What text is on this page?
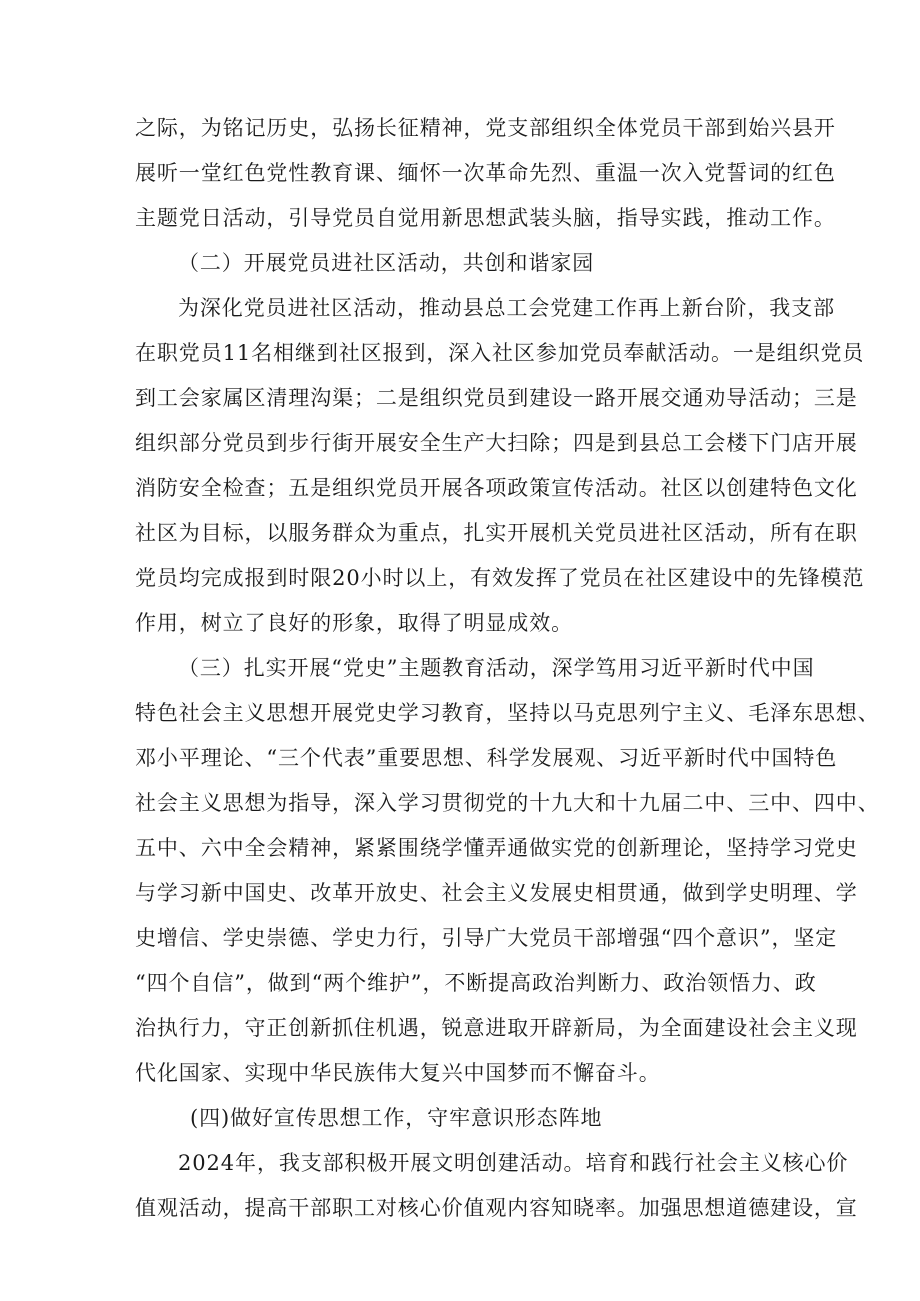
之际，为铭记历史，弘扬长征精神，党支部组织全体党员干部到始兴县开
展听一堂红色党性教育课、缅怀一次革命先烈、重温一次入党誓词的红色
主题党日活动，引导党员自觉用新思想武装头脑，指导实践，推动工作。
（二）开展党员进社区活动，共创和谐家园
为深化党员进社区活动，推动县总工会党建工作再上新台阶，我支部
在职党员11名相继到社区报到，深入社区参加党员奉献活动。一是组织党员
到工会家属区清理沟渠；二是组织党员到建设一路开展交通劝导活动；三是
组织部分党员到步行街开展安全生产大扫除；四是到县总工会楼下门店开展
消防安全检查；五是组织党员开展各项政策宣传活动。社区以创建特色文化
社区为目标，以服务群众为重点，扎实开展机关党员进社区活动，所有在职
党员均完成报到时限20小时以上，有效发挥了党员在社区建设中的先锋模范
作用，树立了良好的形象，取得了明显成效。
（三）扎实开展“党史”主题教育活动，深学笃用习近平新时代中国
特色社会主义思想开展党史学习教育，坚持以马克思列宁主义、毛泽东思想、
邓小平理论、“三个代表”重要思想、科学发展观、习近平新时代中国特色
社会主义思想为指导，深入学习贯彻党的十九大和十九届二中、三中、四中、
五中、六中全会精神，紧紧围绕学懂弄通做实党的创新理论，坚持学习党史
与学习新中国史、改革开放史、社会主义发展史相贯通，做到学史明理、学
史增信、学史崇德、学史力行，引导广大党员干部增强“四个意识”，坚定
“四个自信”，做到“两个维护”，不断提高政治判断力、政治领悟力、政
治执行力，守正创新抓住机遇，锐意进取开辟新局，为全面建设社会主义现
代化国家、实现中华民族伟大复兴中国梦而不懈奋斗。
(四)做好宣传思想工作，守牢意识形态阵地
2024年，我支部积极开展文明创建活动。培育和践行社会主义核心价
值观活动，提高干部职工对核心价值观内容知晓率。加强思想道德建设，宣
